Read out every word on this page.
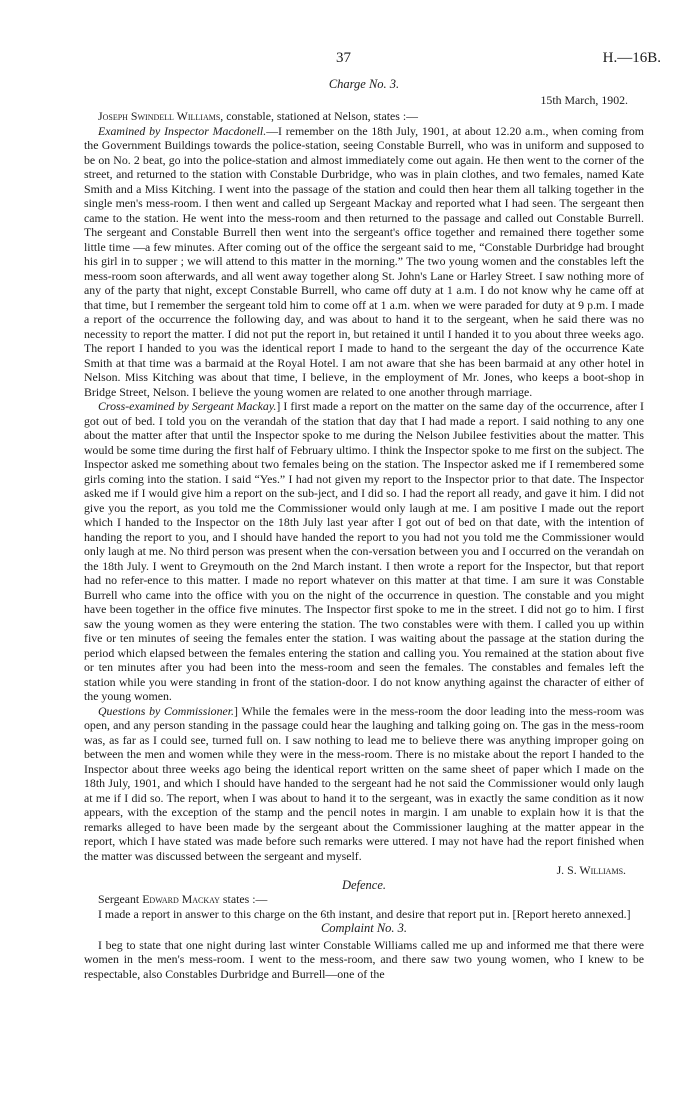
37	H.—16B.
Charge No. 3.
15th March, 1902.

Joseph Swindell Williams, constable, stationed at Nelson, states :—

Examined by Inspector Macdonell.—I remember on the 18th July, 1901, at about 12.20 a.m., when coming from the Government Buildings towards the police-station, seeing Constable Burrell, who was in uniform and supposed to be on No. 2 beat, go into the police-station and almost immediately come out again. He then went to the corner of the street, and returned to the station with Constable Durbridge, who was in plain clothes, and two females, named Kate Smith and a Miss Kitching. I went into the passage of the station and could then hear them all talking together in the single men's mess-room. I then went and called up Sergeant Mackay and reported what I had seen. The sergeant then came to the station. He went into the mess-room and then returned to the passage and called out Constable Burrell. The sergeant and Constable Burrell then went into the sergeant's office together and remained there together some little time —a few minutes. After coming out of the office the sergeant said to me, “Constable Durbridge had brought his girl in to supper ; we will attend to this matter in the morning.” The two young women and the constables left the mess-room soon afterwards, and all went away together along St. John's Lane or Harley Street. I saw nothing more of any of the party that night, except Constable Burrell, who came off duty at 1 a.m. I do not know why he came off at that time, but I remember the sergeant told him to come off at 1 a.m. when we were paraded for duty at 9 p.m. I made a report of the occurrence the following day, and was about to hand it to the sergeant, when he said there was no necessity to report the matter. I did not put the report in, but retained it until I handed it to you about three weeks ago. The report I handed to you was the identical report I made to hand to the sergeant the day of the occurrence Kate Smith at that time was a barmaid at the Royal Hotel. I am not aware that she has been barmaid at any other hotel in Nelson. Miss Kitching was about that time, I believe, in the employment of Mr. Jones, who keeps a boot-shop in Bridge Street, Nelson. I believe the young women are related to one another through marriage.

Cross-examined by Sergeant Mackay.] I first made a report on the matter on the same day of the occurrence, after I got out of bed. I told you on the verandah of the station that day that I had made a report. I said nothing to any one about the matter after that until the Inspector spoke to me during the Nelson Jubilee festivities about the matter. This would be some time during the first half of February ultimo. I think the Inspector spoke to me first on the subject. The Inspector asked me something about two females being on the station. The Inspector asked me if I remembered some girls coming into the station. I said “Yes.” I had not given my report to the Inspector prior to that date. The Inspector asked me if I would give him a report on the sub-ject, and I did so. I had the report all ready, and gave it him. I did not give you the report, as you told me the Commissioner would only laugh at me. I am positive I made out the report which I handed to the Inspector on the 18th July last year after I got out of bed on that date, with the intention of handing the report to you, and I should have handed the report to you had not you told me the Commissioner would only laugh at me. No third person was present when the con-versation between you and I occurred on the verandah on the 18th July. I went to Greymouth on the 2nd March instant. I then wrote a report for the Inspector, but that report had no refer-ence to this matter. I made no report whatever on this matter at that time. I am sure it was Constable Burrell who came into the office with you on the night of the occurrence in question. The constable and you might have been together in the office five minutes. The Inspector first spoke to me in the street. I did not go to him. I first saw the young women as they were entering the station. The two constables were with them. I called you up within five or ten minutes of seeing the females enter the station. I was waiting about the passage at the station during the period which elapsed between the females entering the station and calling you. You remained at the station about five or ten minutes after you had been into the mess-room and seen the females. The constables and females left the station while you were standing in front of the station-door. I do not know anything against the character of either of the young women.

Questions by Commissioner.] While the females were in the mess-room the door leading into the mess-room was open, and any person standing in the passage could hear the laughing and talking going on. The gas in the mess-room was, as far as I could see, turned full on. I saw nothing to lead me to believe there was anything improper going on between the men and women while they were in the mess-room. There is no mistake about the report I handed to the Inspector about three weeks ago being the identical report written on the same sheet of paper which I made on the 18th July, 1901, and which I should have handed to the sergeant had he not said the Commissioner would only laugh at me if I did so. The report, when I was about to hand it to the sergeant, was in exactly the same condition as it now appears, with the exception of the stamp and the pencil notes in margin. I am unable to explain how it is that the remarks alleged to have been made by the sergeant about the Commissioner laughing at the matter appear in the report, which I have stated was made before such remarks were uttered. I may not have had the report finished when the matter was discussed between the sergeant and myself.

J. S. Williams.
Defence.

Sergeant Edward Mackay states :—

I made a report in answer to this charge on the 6th instant, and desire that report put in. [Report hereto annexed.]

Complaint No. 3.

I beg to state that one night during last winter Constable Williams called me up and informed me that there were women in the men's mess-room. I went to the mess-room, and there saw two young women, who I knew to be respectable, also Constables Durbridge and Burrell—one of the
